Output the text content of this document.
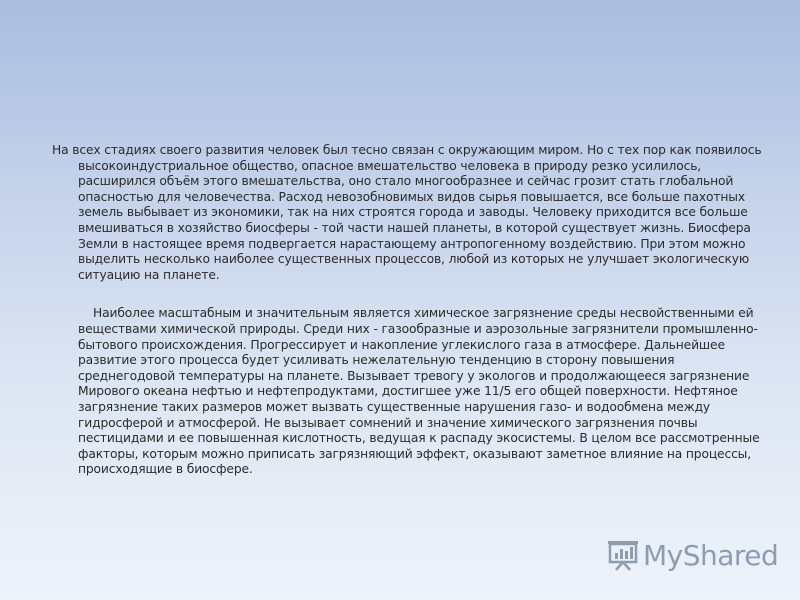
На всех стадиях своего развития человек был тесно связан с окружающим миром. Но с тех пор как появилось высокоиндустриальное общество, опасное вмешательство человека в природу резко усилилось, расширился объём этого вмешательства, оно стало многообразнее и сейчас грозит стать глобальной опасностью для человечества. Расход невозобновимых видов сырья повышается, все больше пахотных земель выбывает из экономики, так на них строятся города и заводы. Человеку приходится все больше вмешиваться в хозяйство биосферы - той части нашей планеты, в которой существует жизнь. Биосфера Земли в настоящее время подвергается нарастающему антропогенному воздействию. При этом можно выделить несколько наиболее существенных процессов, любой из которых не улучшает экологическую ситуацию на планете.

Наиболее масштабным и значительным является химическое загрязнение среды несвойственными ей веществами химической природы. Среди них - газообразные и аэрозольные загрязнители промышленно-бытового происхождения. Прогрессирует и накопление углекислого газа в атмосфере. Дальнейшее развитие этого процесса будет усиливать нежелательную тенденцию в сторону повышения среднегодовой температуры на планете. Вызывает тревогу у экологов и продолжающееся загрязнение Мирового океана нефтью и нефтепродуктами, достигшее уже 11/5 его общей поверхности. Нефтяное загрязнение таких размеров может вызвать существенные нарушения газо- и водообмена между гидросферой и атмосферой. Не вызывает сомнений и значение химического загрязнения почвы пестицидами и ее повышенная кислотность, ведущая к распаду экосистемы. В целом все рассмотренные факторы, которым можно приписать загрязняющий эффект, оказывают заметное влияние на процессы, происходящие в биосфере.

MyShared
